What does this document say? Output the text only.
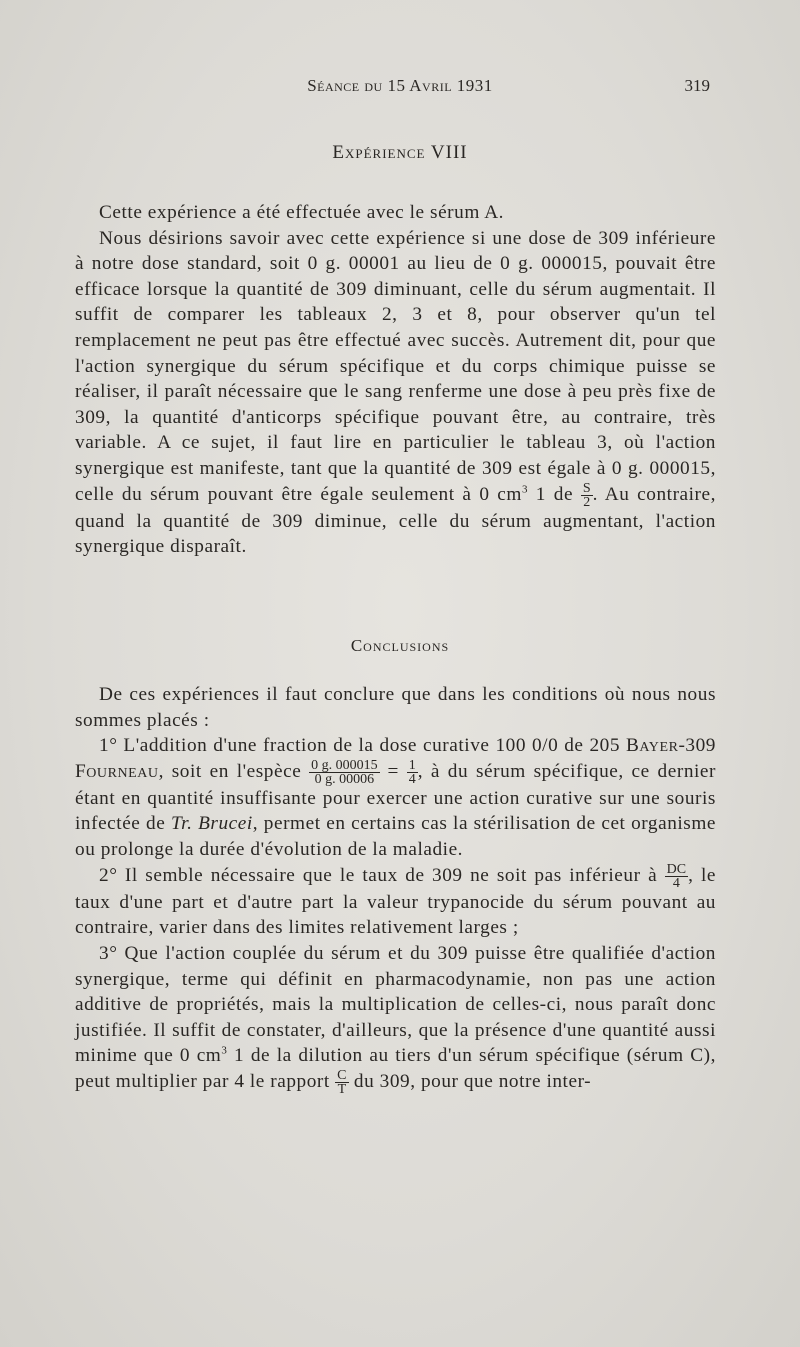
Séance du 15 Avril 1931	319
Expérience VIII

Cette expérience a été effectuée avec le sérum A.

Nous désirions savoir avec cette expérience si une dose de 309 inférieure à notre dose standard, soit 0 g. 00001 au lieu de 0 g. 000015, pouvait être efficace lorsque la quantité de 309 diminuant, celle du sérum augmentait. Il suffit de comparer les tableaux 2, 3 et 8, pour observer qu'un tel remplacement ne peut pas être effectué avec succès. Autrement dit, pour que l'action synergique du sérum spécifique et du corps chimique puisse se réaliser, il paraît nécessaire que le sang renferme une dose à peu près fixe de 309, la quantité d'anticorps spécifique pouvant être, au contraire, très variable. A ce sujet, il faut lire en particulier le tableau 3, où l'action synergique est manifeste, tant que la quantité de 309 est égale à 0 g. 000015, celle du sérum pouvant être égale seulement à 0 $cm^3$ 1 de $\frac{S}{2}$ . Au contraire, quand la quantité de 309 diminue, celle du sérum augmentant, l'action synergique disparaît.

Conclusions

De ces expériences il faut conclure que dans les conditions où nous nous sommes placés :

1° L'addition d'une fraction de la dose curative 100 0/0 de 205 Bayer-309 Fourneau, soit en l'espèce $\frac{0 g. 000015}{0 g. 00006} = \frac{1}{4}$ , à du sérum spécifique, ce dernier étant en quantité insuffisante pour exercer une action curative sur une souris infectée de Tr. Brucei, permet en certains cas la stérilisation de cet organisme ou prolonge la durée d'évolution de la maladie.

2° Il semble nécessaire que le taux de 309 ne soit pas inférieur à $\frac{DC}{4}$ , le taux d'une part et d'autre part la valeur trypanocide du sérum pouvant au contraire, varier dans des limites relativement larges ;

3° Que l'action couplée du sérum et du 309 puisse être qualifiée d'action synergique, terme qui définit en pharmacodynamie, non pas une action additive de propriétés, mais la multiplication de celles-ci, nous paraît donc justifiée. Il suffit de constater, d'ailleurs, que la présence d'une quantité aussi minime que 0 $cm^3$ 1 de la dilution au tiers d'un sérum spécifique (sérum C), peut multiplier par 4 le rapport $\frac{C}{T}$ du 309, pour que notre inter-
